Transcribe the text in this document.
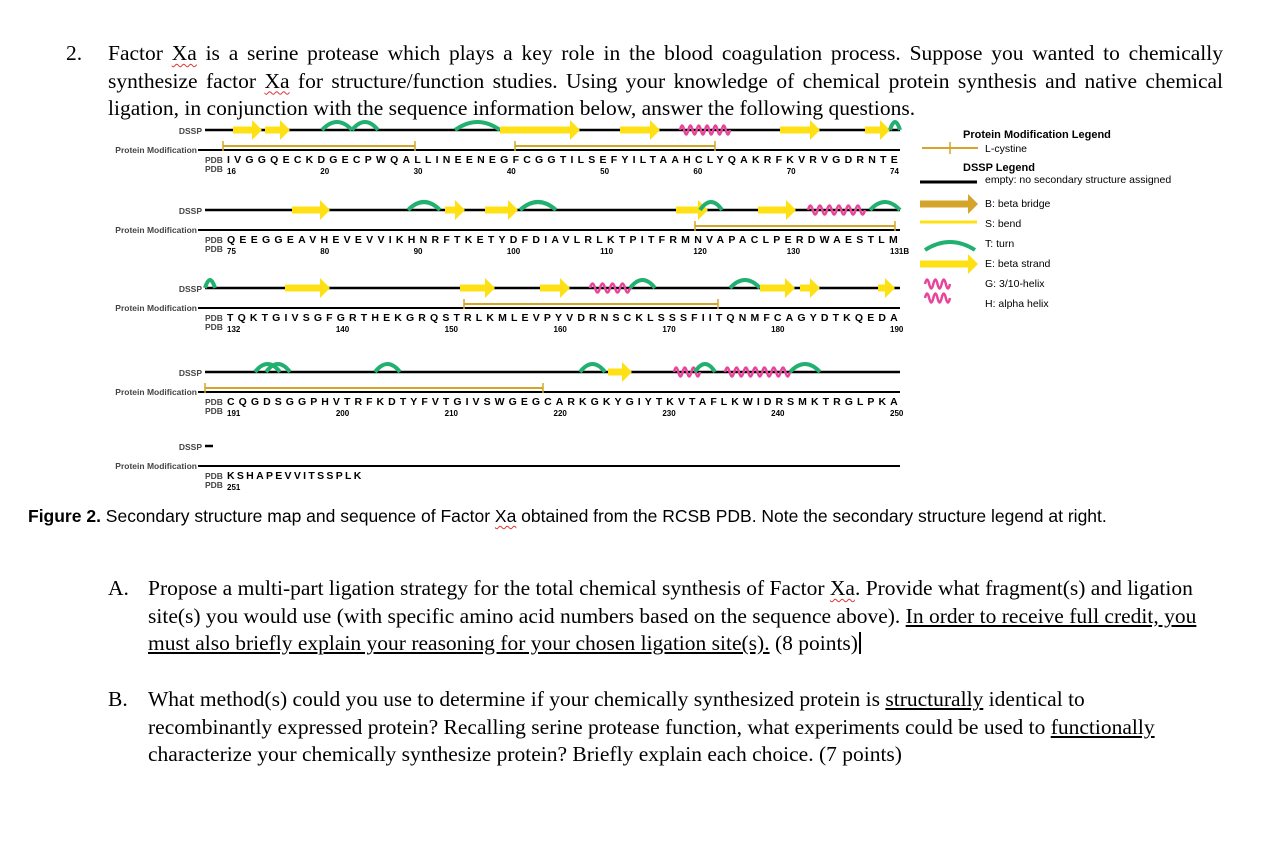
2. Factor Xa is a serine protease which plays a key role in the blood coagulation process. Suppose you wanted to chemically synthesize factor Xa for structure/function studies. Using your knowledge of chemical protein synthesis and native chemical ligation, in conjunction with the sequence information below, answer the following questions.
DSSP
Protein Modification
PDB IVGGQECKDGECPWQALLINEENEGFCGGTILSEFYILTAAHCLYQAKRFKVRVGDRNTE
PDB 16	20	30	40	50	60	70	74
DSSP
Protein Modification
PDB QEEGGEAVHEVEVVIKHNRFTKETYDFDIAVLRLKTPITFRMNVAPACLPERDWAESTLM
PDB 75	80	90	100	110	120	130	131B
DSSP
Protein Modification
PDB TQKTGIVSGFGRTHEKGRQSTRLKMLEVPYVDRNSCKLSSSFIITQNMFCAGYDTKQEDA
PDB 132	140	150	160	170	180	190
DSSP
Protein Modification
PDB CQGDSGGPHVTRFKDTYFVTGIVSWGEGCARKGKYGIYTKVTAFLKWIDRSMKTRGLPKA
PDB 191	200	210	220	230	240	250
DSSP
Protein Modification
PDB KSHAPEVVITSSPLK
PDB 251
Protein Modification Legend
L-cystine
DSSP Legend
empty: no secondary structure assigned
B: beta bridge
S: bend
T: turn
E: beta strand
G: 3/10-helix
H: alpha helix
Figure 2. Secondary structure map and sequence of Factor Xa obtained from the RCSB PDB. Note the secondary structure legend at right.
A. Propose a multi-part ligation strategy for the total chemical synthesis of Factor Xa. Provide what fragment(s) and ligation site(s) you would use (with specific amino acid numbers based on the sequence above). In order to receive full credit, you must also briefly explain your reasoning for your chosen ligation site(s). (8 points)
B. What method(s) could you use to determine if your chemically synthesized protein is structurally identical to recombinantly expressed protein? Recalling serine protease function, what experiments could be used to functionally characterize your chemically synthesize protein? Briefly explain each choice. (7 points)
